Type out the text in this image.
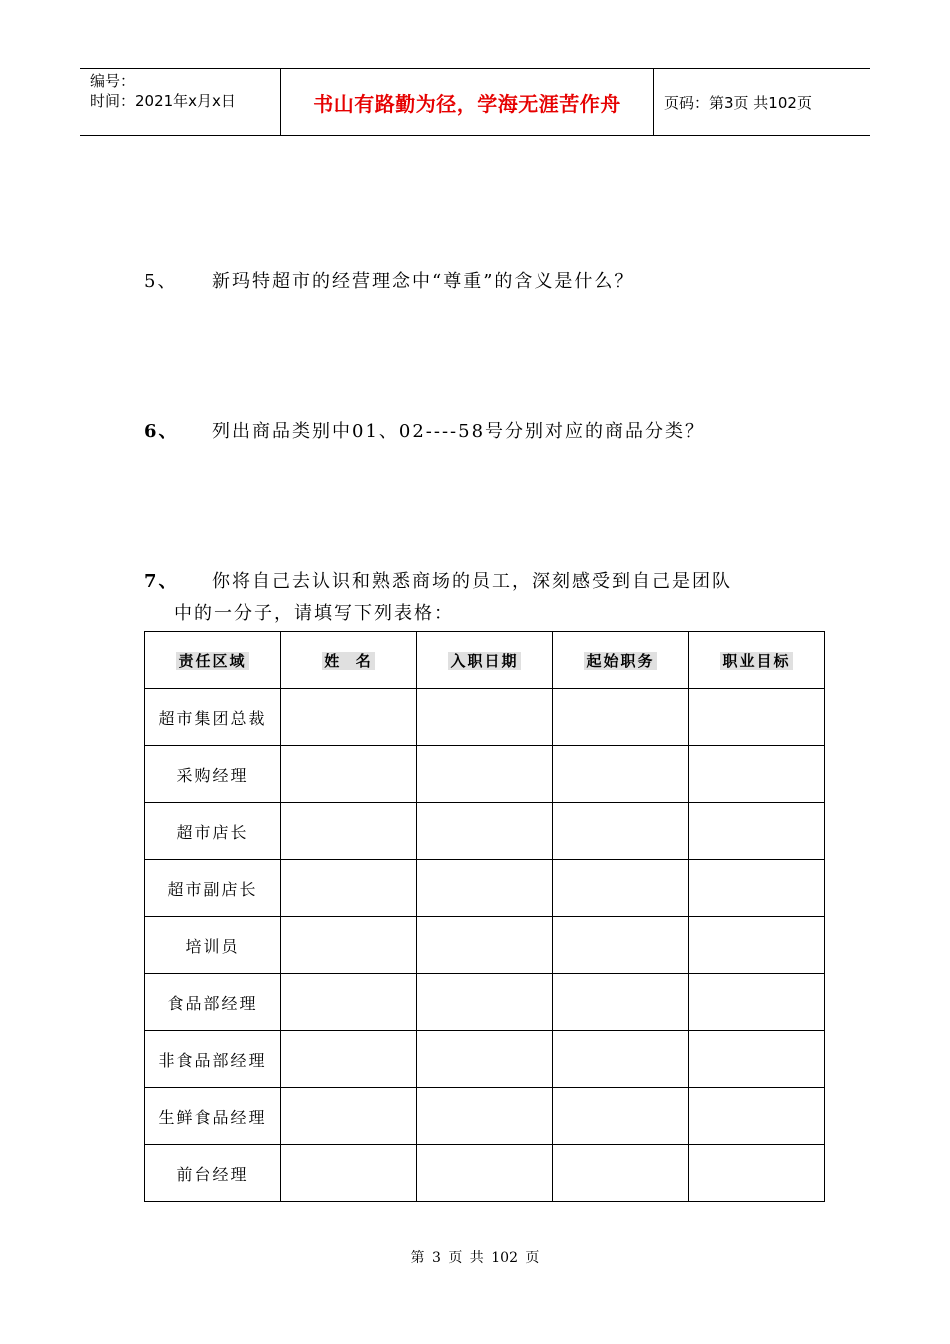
编号：
时间：2021年x月x日	书山有路勤为径，学海无涯苦作舟	页码：第3页 共102页
5、 新玛特超市的经营理念中“尊重”的含义是什么？
6、 列出商品类别中01、02----58号分别对应的商品分类？
7、 你将自己去认识和熟悉商场的员工，深刻感受到自己是团队
中的一分子，请填写下列表格：
责任区域	姓  名	入职日期	起始职务	职业目标
超市集团总裁				
采购经理				
超市店长				
超市副店长				
培训员				
食品部经理				
非食品部经理				
生鲜食品经理				
前台经理				
第 3 页 共 102 页
